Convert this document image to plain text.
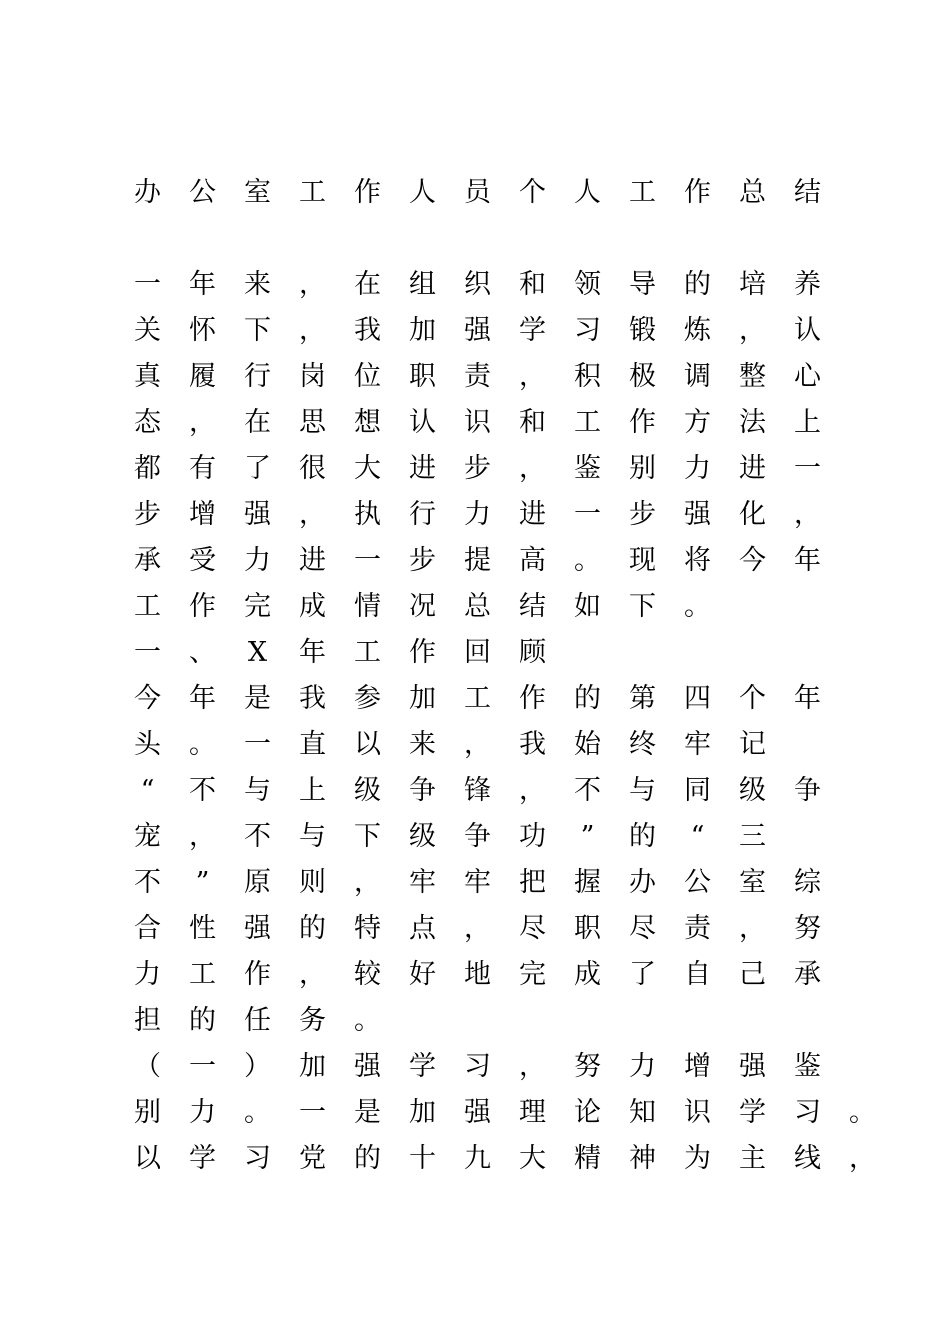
办 公 室 工 作 人 员 个 人 工 作 总 结
一 年 来 ， 在 组 织 和 领 导 的 培 养
关 怀 下 ， 我 加 强 学 习 锻 炼 ， 认
真 履 行 岗 位 职 责 ， 积 极 调 整 心
态 ， 在 思 想 认 识 和 工 作 方 法 上
都 有 了 很 大 进 步 ， 鉴 别 力 进 一
步 增 强 ， 执 行 力 进 一 步 强 化 ，
承 受 力 进 一 步 提 高 。 现 将 今 年
工 作 完 成 情 况 总 结 如 下 。
一 、 X 年 工 作 回 顾
今 年 是 我 参 加 工 作 的 第 四 个 年
头 。 一 直 以 来 ， 我 始 终 牢 记
“ 不 与 上 级 争 锋 ， 不 与 同 级 争
宠 ， 不 与 下 级 争 功 ” 的 “ 三
不 ” 原 则 ， 牢 牢 把 握 办 公 室 综
合 性 强 的 特 点 ， 尽 职 尽 责 ， 努
力 工 作 ， 较 好 地 完 成 了 自 己 承
担 的 任 务 。
（ 一 ） 加 强 学 习 ， 努 力 增 强 鉴
别 力 。 一 是 加 强 理 论 知 识 学 习 。
以 学 习 党 的 十 九 大 精 神 为 主 线 ，
